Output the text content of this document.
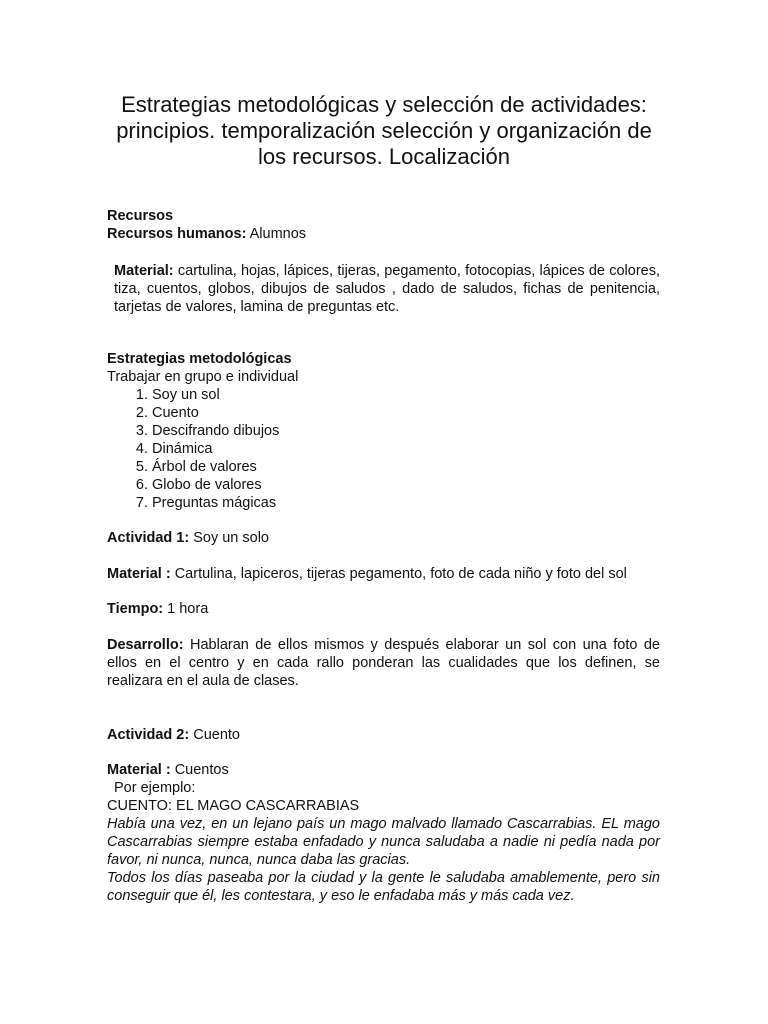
Estrategias metodológicas y selección de actividades:
principios. temporalización selección y organización de
los recursos. Localización
Recursos
Recursos humanos: Alumnos
Material: cartulina, hojas, lápices, tijeras, pegamento, fotocopias, lápices de colores, tiza, cuentos, globos, dibujos de saludos , dado de saludos, fichas de penitencia, tarjetas de valores, lamina de preguntas etc.
Estrategias metodológicas
Trabajar en grupo e individual
1. Soy un sol
2. Cuento
3. Descifrando dibujos
4. Dinámica
5. Árbol de valores
6. Globo de valores
7. Preguntas mágicas
Actividad 1: Soy un solo
Material : Cartulina, lapiceros, tijeras pegamento, foto de cada niño y foto del sol
Tiempo: 1 hora
Desarrollo: Hablaran de ellos mismos y después elaborar un sol con una foto de ellos en el centro y en cada rallo ponderan las cualidades que los definen, se realizara en el aula de clases.
Actividad 2: Cuento
Material : Cuentos
Por ejemplo:
CUENTO: EL MAGO CASCARRABIAS
Había una vez, en un lejano país un mago malvado llamado Cascarrabias. EL mago Cascarrabias siempre estaba enfadado y nunca saludaba a nadie ni pedía nada por favor, ni nunca, nunca, nunca daba las gracias.
Todos los días paseaba por la ciudad y la gente le saludaba amablemente, pero sin conseguir que él, les contestara, y eso le enfadaba más y más cada vez.
